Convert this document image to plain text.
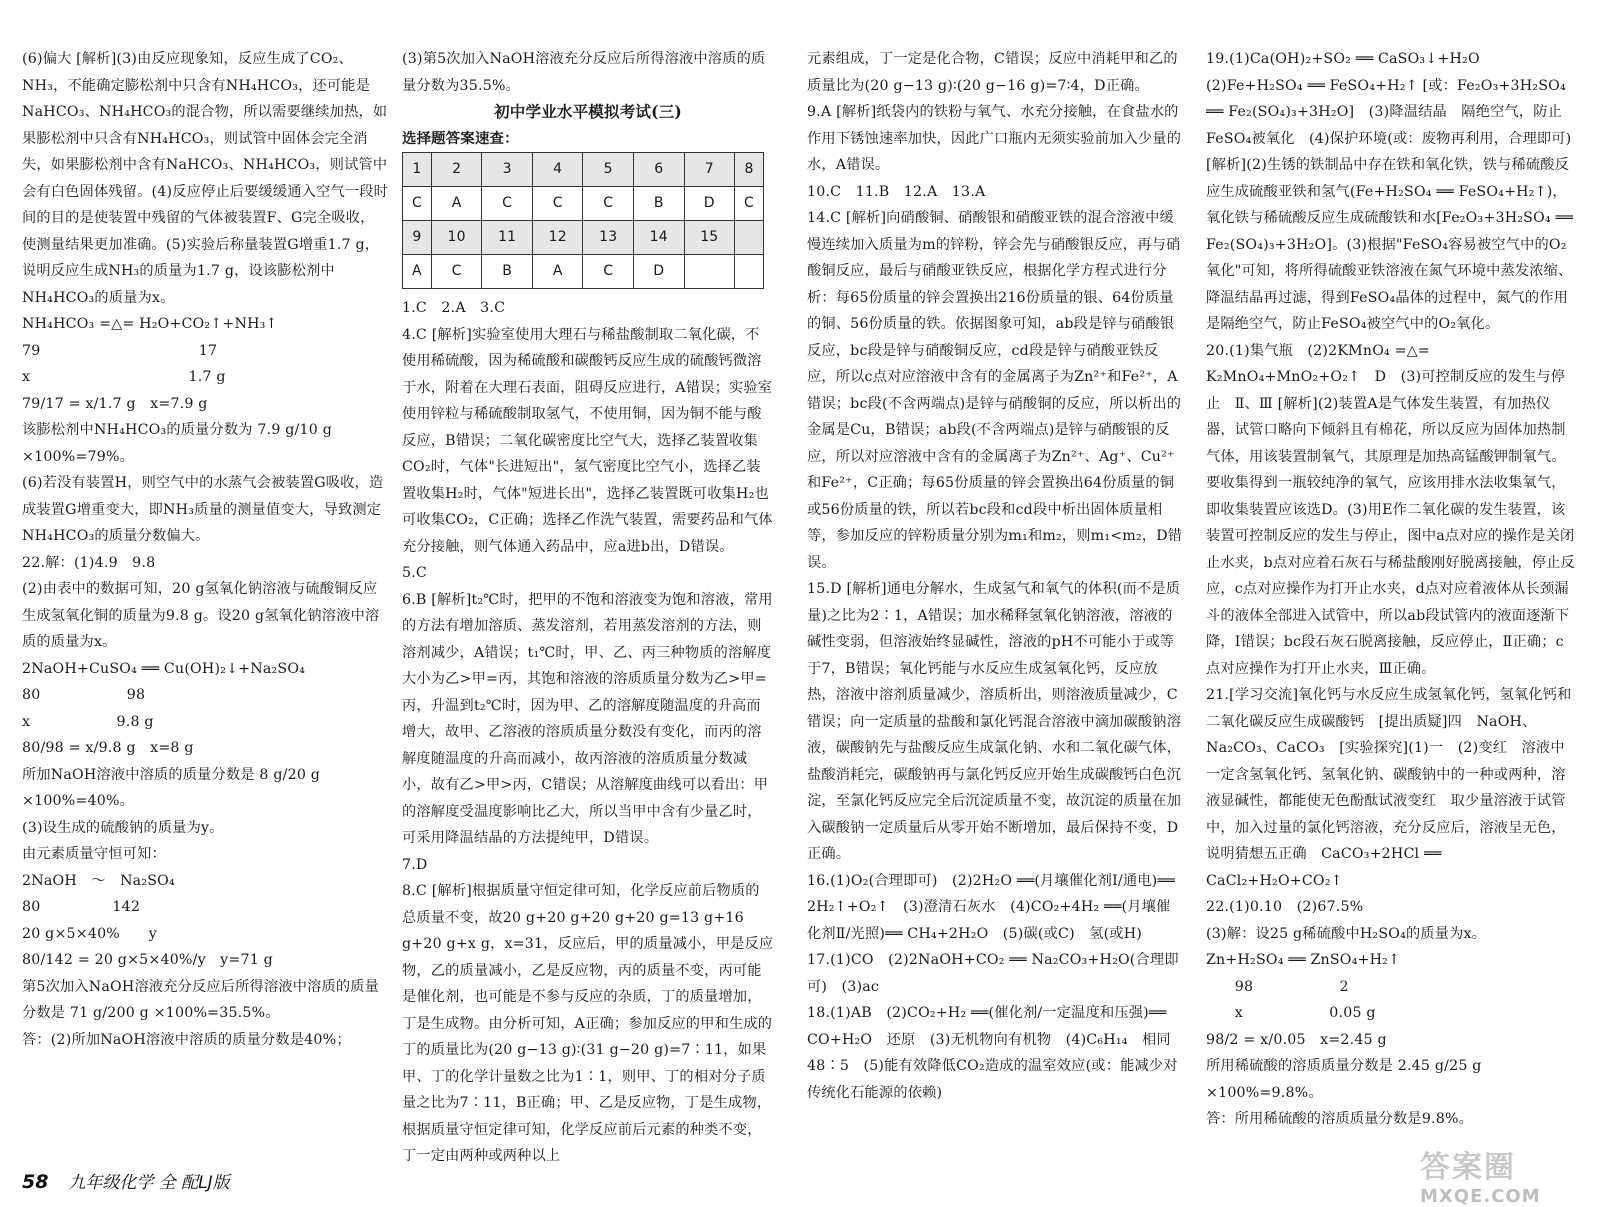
(6)偏大 [解析](3)由反应现象知，反应生成了CO₂、NH₃，不能确定膨松剂中只含有NH₄HCO₃，还可能是NaHCO₃、NH₄HCO₃的混合物，所以需要继续加热，如果膨松剂中只含有NH₄HCO₃，则试管中固体会完全消失，如果膨松剂中含有NaHCO₃、NH₄HCO₃，则试管中会有白色固体残留。(4)反应停止后要缓缓通入空气一段时间的目的是使装置中残留的气体被装置F、G完全吸收，使测量结果更加准确。(5)实验后称量装置G增重1.7 g，说明反应生成NH₃的质量为1.7 g，设该膨松剂中NH₄HCO₃的质量为x。

NH₄HCO₃ =△= H₂O+CO₂↑+NH₃↑

79　　　　　　　　　　　17

x　　　　　　　　　　　1.7 g

79/17 = x/1.7 g　x=7.9 g

该膨松剂中NH₄HCO₃的质量分数为 7.9 g/10 g ×100%=79%。

(6)若没有装置H，则空气中的水蒸气会被装置G吸收，造成装置G增重变大，即NH₃质量的测量值变大，导致测定NH₄HCO₃的质量分数偏大。

22.解：(1)4.9　9.8

(2)由表中的数据可知，20 g氢氧化钠溶液与硫酸铜反应生成氢氧化铜的质量为9.8 g。设20 g氢氧化钠溶液中溶质的质量为x。

2NaOH+CuSO₄ ══ Cu(OH)₂↓+Na₂SO₄

80　　　　　　98

x　　　　　　9.8 g

80/98 = x/9.8 g　x=8 g

所加NaOH溶液中溶质的质量分数是 8 g/20 g ×100%=40%。

(3)设生成的硫酸钠的质量为y。

由元素质量守恒可知：

2NaOH　～　Na₂SO₄

80　　　　　142

20 g×5×40%　　y

80/142 = 20 g×5×40%/y　y=71 g

第5次加入NaOH溶液充分反应后所得溶液中溶质的质量分数是 71 g/200 g ×100%=35.5%。

答：(2)所加NaOH溶液中溶质的质量分数是40%；

(3)第5次加入NaOH溶液充分反应后所得溶液中溶质的质量分数为35.5%。

初中学业水平模拟考试(三)

选择题答案速查：

1	2	3	4	5	6	7	8
C	A	C	C	C	B	D	C
9	10	11	12	13	14	15	
A	C	B	A	C	D		

1.C　2.A　3.C

4.C [解析]实验室使用大理石与稀盐酸制取二氧化碳，不使用稀硫酸，因为稀硫酸和碳酸钙反应生成的硫酸钙微溶于水，附着在大理石表面，阻碍反应进行，A错误；实验室使用锌粒与稀硫酸制取氢气，不使用铜，因为铜不能与酸反应，B错误；二氧化碳密度比空气大，选择乙装置收集CO₂时，气体"长进短出"，氢气密度比空气小，选择乙装置收集H₂时，气体"短进长出"，选择乙装置既可收集H₂也可收集CO₂，C正确；选择乙作洗气装置，需要药品和气体充分接触，则气体通入药品中，应a进b出，D错误。

5.C

6.B [解析]t₂℃时，把甲的不饱和溶液变为饱和溶液，常用的方法有增加溶质、蒸发溶剂，若用蒸发溶剂的方法，则溶剂减少，A错误；t₁℃时，甲、乙、丙三种物质的溶解度大小为乙>甲=丙，其饱和溶液的溶质质量分数为乙>甲=丙，升温到t₂℃时，因为甲、乙的溶解度随温度的升高而增大，故甲、乙溶液的溶质质量分数没有变化，而丙的溶解度随温度的升高而减小，故丙溶液的溶质质量分数减小，故有乙>甲>丙，C错误；从溶解度曲线可以看出：甲的溶解度受温度影响比乙大，所以当甲中含有少量乙时，可采用降温结晶的方法提纯甲，D错误。

7.D

8.C [解析]根据质量守恒定律可知，化学反应前后物质的总质量不变，故20 g+20 g+20 g+20 g=13 g+16 g+20 g+x g，x=31，反应后，甲的质量减小，甲是反应物，乙的质量减小，乙是反应物，丙的质量不变，丙可能是催化剂，也可能是不参与反应的杂质，丁的质量增加，丁是生成物。由分析可知，A正确；参加反应的甲和生成的丁的质量比为(20 g−13 g)∶(31 g−20 g)=7∶11，如果甲、丁的化学计量数之比为1∶1，则甲、丁的相对分子质量之比为7∶11，B正确；甲、乙是反应物，丁是生成物，根据质量守恒定律可知，化学反应前后元素的种类不变，丁一定由两种或两种以上

元素组成，丁一定是化合物，C错误；反应中消耗甲和乙的质量比为(20 g−13 g)∶(20 g−16 g)=7∶4，D正确。

9.A [解析]纸袋内的铁粉与氧气、水充分接触，在食盐水的作用下锈蚀速率加快，因此广口瓶内无须实验前加入少量的水，A错误。

10.C　11.B　12.A　13.A

14.C [解析]向硝酸铜、硝酸银和硝酸亚铁的混合溶液中缓慢连续加入质量为m的锌粉，锌会先与硝酸银反应，再与硝酸铜反应，最后与硝酸亚铁反应，根据化学方程式进行分析：每65份质量的锌会置换出216份质量的银、64份质量的铜、56份质量的铁。依据图象可知，ab段是锌与硝酸银反应，bc段是锌与硝酸铜反应，cd段是锌与硝酸亚铁反应，所以c点对应溶液中含有的金属离子为Zn²⁺和Fe²⁺，A错误；bc段(不含两端点)是锌与硝酸铜的反应，所以析出的金属是Cu，B错误；ab段(不含两端点)是锌与硝酸银的反应，所以对应溶液中含有的金属离子为Zn²⁺、Ag⁺、Cu²⁺和Fe²⁺，C正确；每65份质量的锌会置换出64份质量的铜或56份质量的铁，所以若bc段和cd段中析出固体质量相等，参加反应的锌粉质量分别为m₁和m₂，则m₁<m₂，D错误。

15.D [解析]通电分解水，生成氢气和氧气的体积(而不是质量)之比为2∶1，A错误；加水稀释氢氧化钠溶液，溶液的碱性变弱，但溶液始终显碱性，溶液的pH不可能小于或等于7，B错误；氧化钙能与水反应生成氢氧化钙，反应放热，溶液中溶剂质量减少，溶质析出，则溶液质量减少，C错误；向一定质量的盐酸和氯化钙混合溶液中滴加碳酸钠溶液，碳酸钠先与盐酸反应生成氯化钠、水和二氧化碳气体，盐酸消耗完，碳酸钠再与氯化钙反应开始生成碳酸钙白色沉淀，至氯化钙反应完全后沉淀质量不变，故沉淀的质量在加入碳酸钠一定质量后从零开始不断增加，最后保持不变，D正确。

16.(1)O₂(合理即可)　(2)2H₂O ══(月壤催化剂Ⅰ/通电)══ 2H₂↑+O₂↑　(3)澄清石灰水　(4)CO₂+4H₂ ══(月壤催化剂Ⅱ/光照)══ CH₄+2H₂O　(5)碳(或C)　氢(或H)

17.(1)CO　(2)2NaOH+CO₂ ══ Na₂CO₃+H₂O(合理即可)　(3)ac

18.(1)AB　(2)CO₂+H₂ ══(催化剂/一定温度和压强)══ CO+H₂O　还原　(3)无机物向有机物　(4)C₆H₁₄　相同　48∶5　(5)能有效降低CO₂造成的温室效应(或：能减少对传统化石能源的依赖)

19.(1)Ca(OH)₂+SO₂ ══ CaSO₃↓+H₂O　(2)Fe+H₂SO₄ ══ FeSO₄+H₂↑ [或：Fe₂O₃+3H₂SO₄ ══ Fe₂(SO₄)₃+3H₂O]　(3)降温结晶　隔绝空气，防止FeSO₄被氧化　(4)保护环境(或：废物再利用，合理即可) [解析](2)生锈的铁制品中存在铁和氧化铁，铁与稀硫酸反应生成硫酸亚铁和氢气(Fe+H₂SO₄ ══ FeSO₄+H₂↑)，氧化铁与稀硫酸反应生成硫酸铁和水[Fe₂O₃+3H₂SO₄ ══ Fe₂(SO₄)₃+3H₂O]。(3)根据"FeSO₄容易被空气中的O₂氧化"可知，将所得硫酸亚铁溶液在氮气环境中蒸发浓缩、降温结晶再过滤，得到FeSO₄晶体的过程中，氮气的作用是隔绝空气，防止FeSO₄被空气中的O₂氧化。

20.(1)集气瓶　(2)2KMnO₄ =△= K₂MnO₄+MnO₂+O₂↑　D　(3)可控制反应的发生与停止　Ⅱ、Ⅲ [解析](2)装置A是气体发生装置，有加热仪器，试管口略向下倾斜且有棉花，所以反应为固体加热制气体，用该装置制氧气，其原理是加热高锰酸钾制氧气。要收集得到一瓶较纯净的氧气，应该用排水法收集氧气，即收集装置应该选D。(3)用E作二氧化碳的发生装置，该装置可控制反应的发生与停止，图中a点对应的操作是关闭止水夹，b点对应着石灰石与稀盐酸刚好脱离接触，停止反应，c点对应操作为打开止水夹，d点对应着液体从长颈漏斗的液体全部进入试管中，所以ab段试管内的液面逐渐下降，Ⅰ错误；bc段石灰石脱离接触，反应停止，Ⅱ正确；c点对应操作为打开止水夹，Ⅲ正确。

21.[学习交流]氧化钙与水反应生成氢氧化钙，氢氧化钙和二氧化碳反应生成碳酸钙　[提出质疑]四　NaOH、Na₂CO₃、CaCO₃　[实验探究](1)一　(2)变红　溶液中一定含氢氧化钙、氢氧化钠、碳酸钠中的一种或两种，溶液显碱性，都能使无色酚酞试液变红　取少量溶液于试管中，加入过量的氯化钙溶液，充分反应后，溶液呈无色，说明猜想五正确　CaCO₃+2HCl ══ CaCl₂+H₂O+CO₂↑

22.(1)0.10　(2)67.5%

(3)解：设25 g稀硫酸中H₂SO₄的质量为x。

Zn+H₂SO₄ ══ ZnSO₄+H₂↑

　　98　　　　　　2

　　x　　　　　　0.05 g

98/2 = x/0.05　x=2.45 g

所用稀硫酸的溶质质量分数是 2.45 g/25 g ×100%=9.8%。

答：所用稀硫酸的溶质质量分数是9.8%。

58 九年级化学 全 配LJ版	答案圈
MXQE.COM
